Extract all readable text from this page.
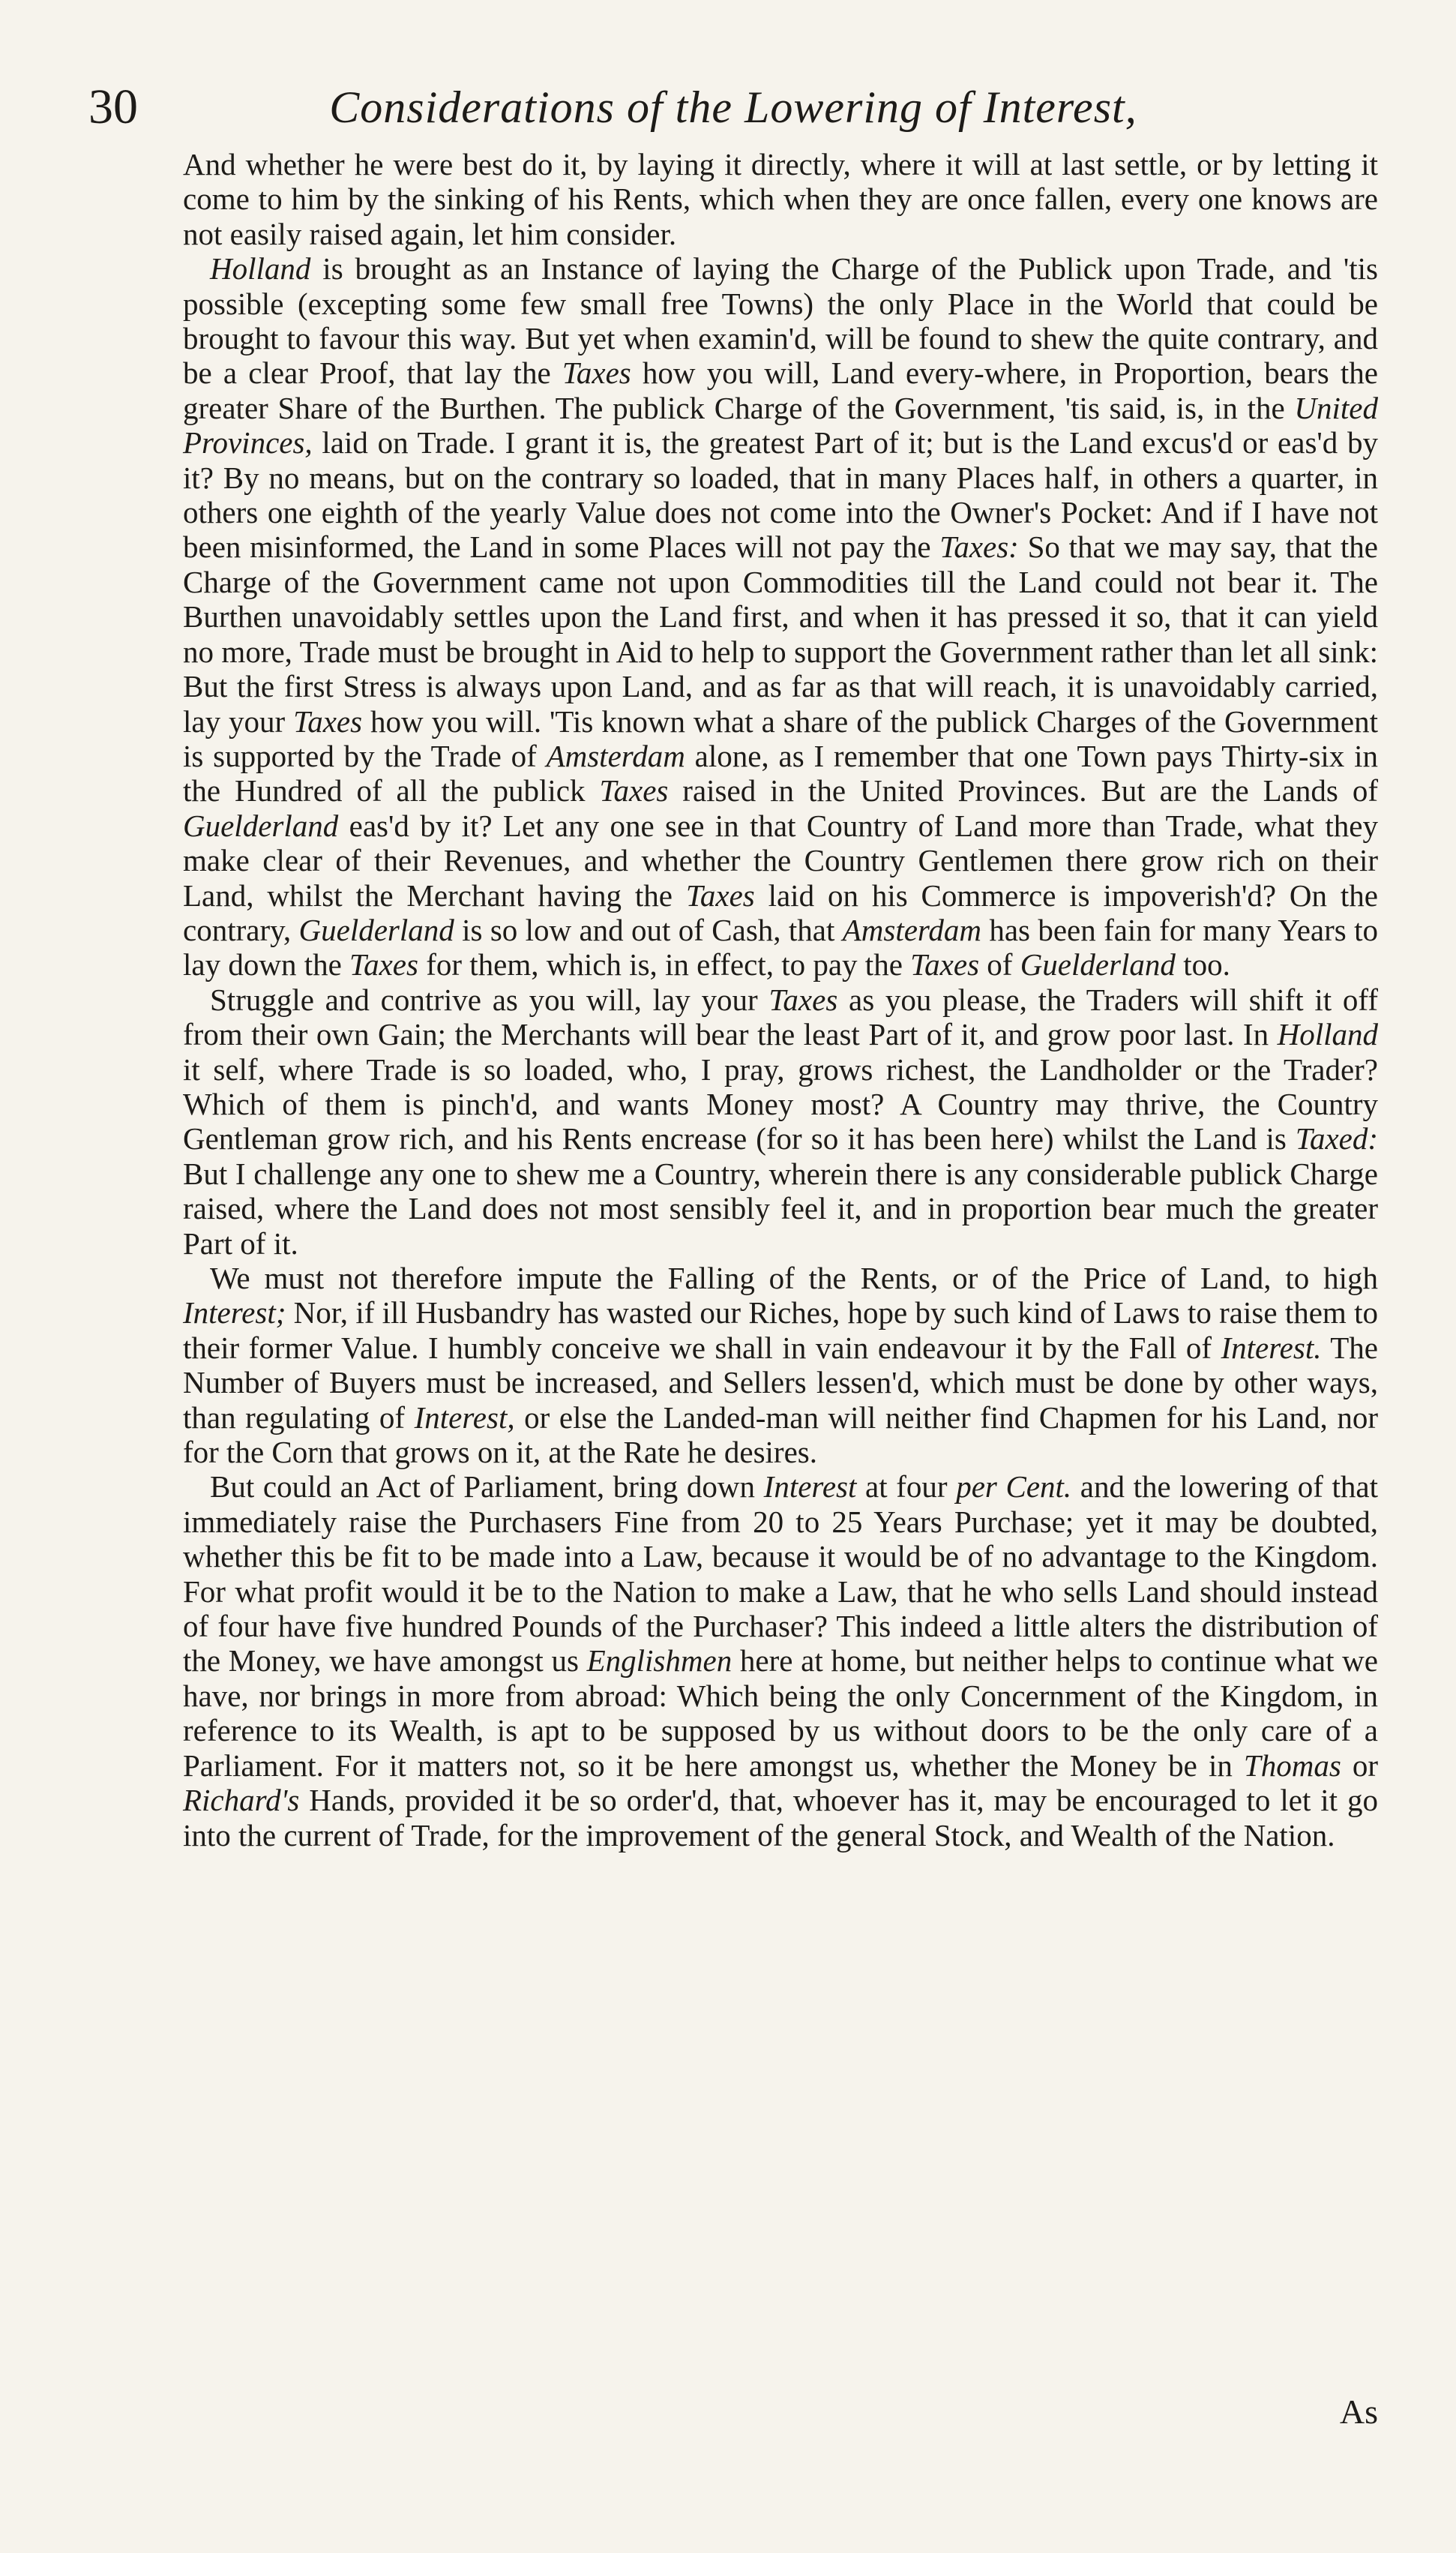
30	Considerations of the Lowering of Interest,

And whether he were best do it, by laying it directly, where it will at last settle, or by letting it come to him by the sinking of his Rents, which when they are once fallen, every one knows are not easily raised again, let him consider.

Holland is brought as an Instance of laying the Charge of the Publick upon Trade, and 'tis possible (excepting some few small free Towns) the only Place in the World that could be brought to favour this way. But yet when examin'd, will be found to shew the quite contrary, and be a clear Proof, that lay the Taxes how you will, Land every-where, in Proportion, bears the greater Share of the Burthen. The publick Charge of the Government, 'tis said, is, in the United Provinces, laid on Trade. I grant it is, the greatest Part of it; but is the Land excus'd or eas'd by it? By no means, but on the contrary so loaded, that in many Places half, in others a quarter, in others one eighth of the yearly Value does not come into the Owner's Pocket: And if I have not been misinformed, the Land in some Places will not pay the Taxes: So that we may say, that the Charge of the Government came not upon Commodities till the Land could not bear it. The Burthen unavoidably settles upon the Land first, and when it has pressed it so, that it can yield no more, Trade must be brought in Aid to help to support the Government rather than let all sink: But the first Stress is always upon Land, and as far as that will reach, it is unavoidably carried, lay your Taxes how you will. 'Tis known what a share of the publick Charges of the Government is supported by the Trade of Amsterdam alone, as I remember that one Town pays Thirty-six in the Hundred of all the publick Taxes raised in the United Provinces. But are the Lands of Guelderland eas'd by it? Let any one see in that Country of Land more than Trade, what they make clear of their Revenues, and whether the Country Gentlemen there grow rich on their Land, whilst the Merchant having the Taxes laid on his Commerce is impoverish'd? On the contrary, Guelderland is so low and out of Cash, that Amsterdam has been fain for many Years to lay down the Taxes for them, which is, in effect, to pay the Taxes of Guelderland too.

Struggle and contrive as you will, lay your Taxes as you please, the Traders will shift it off from their own Gain; the Merchants will bear the least Part of it, and grow poor last. In Holland it self, where Trade is so loaded, who, I pray, grows richest, the Landholder or the Trader? Which of them is pinch'd, and wants Money most? A Country may thrive, the Country Gentleman grow rich, and his Rents encrease (for so it has been here) whilst the Land is Taxed: But I challenge any one to shew me a Country, wherein there is any considerable publick Charge raised, where the Land does not most sensibly feel it, and in proportion bear much the greater Part of it.

We must not therefore impute the Falling of the Rents, or of the Price of Land, to high Interest; Nor, if ill Husbandry has wasted our Riches, hope by such kind of Laws to raise them to their former Value. I humbly conceive we shall in vain endeavour it by the Fall of Interest. The Number of Buyers must be increased, and Sellers lessen'd, which must be done by other ways, than regulating of Interest, or else the Landed-man will neither find Chapmen for his Land, nor for the Corn that grows on it, at the Rate he desires.

But could an Act of Parliament, bring down Interest at four per Cent. and the lowering of that immediately raise the Purchasers Fine from 20 to 25 Years Purchase; yet it may be doubted, whether this be fit to be made into a Law, because it would be of no advantage to the Kingdom. For what profit would it be to the Nation to make a Law, that he who sells Land should instead of four have five hundred Pounds of the Purchaser? This indeed a little alters the distribution of the Money, we have amongst us Englishmen here at home, but neither helps to continue what we have, nor brings in more from abroad: Which being the only Concernment of the Kingdom, in reference to its Wealth, is apt to be supposed by us without doors to be the only care of a Parliament. For it matters not, so it be here amongst us, whether the Money be in Thomas or Richard's Hands, provided it be so order'd, that, whoever has it, may be encouraged to let it go into the current of Trade, for the improvement of the general Stock, and Wealth of the Nation.

As
